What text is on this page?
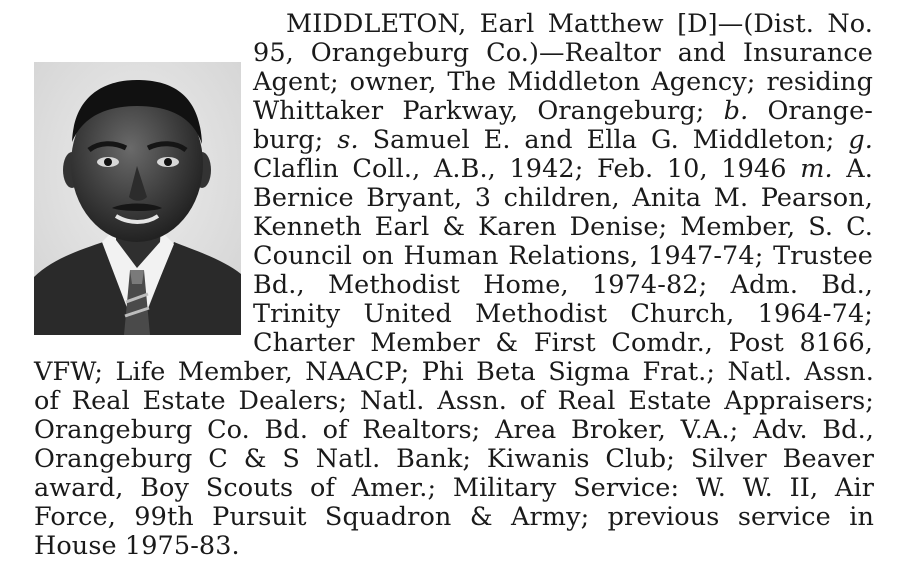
MIDDLETON, Earl Matthew [D]—(Dist. No.
95, Orangeburg Co.)—Realtor and Insurance
Agent; owner, The Middleton Agency; residing
Whittaker Parkway, Orangeburg; b. Orange-
burg; s. Samuel E. and Ella G. Middleton; g.
Claflin Coll., A.B., 1942; Feb. 10, 1946 m. A.
Bernice Bryant, 3 children, Anita M. Pearson,
Kenneth Earl & Karen Denise; Member, S. C.
Council on Human Relations, 1947-74; Trustee
Bd., Methodist Home, 1974-82; Adm. Bd.,
Trinity United Methodist Church, 1964-74;
Charter Member & First Comdr., Post 8166,
VFW; Life Member, NAACP; Phi Beta Sigma Frat.; Natl. Assn.
of Real Estate Dealers; Natl. Assn. of Real Estate Appraisers;
Orangeburg Co. Bd. of Realtors; Area Broker, V.A.; Adv. Bd.,
Orangeburg C & S Natl. Bank; Kiwanis Club; Silver Beaver
award, Boy Scouts of Amer.; Military Service: W. W. II, Air
Force, 99th Pursuit Squadron & Army; previous service in
House 1975-83.
